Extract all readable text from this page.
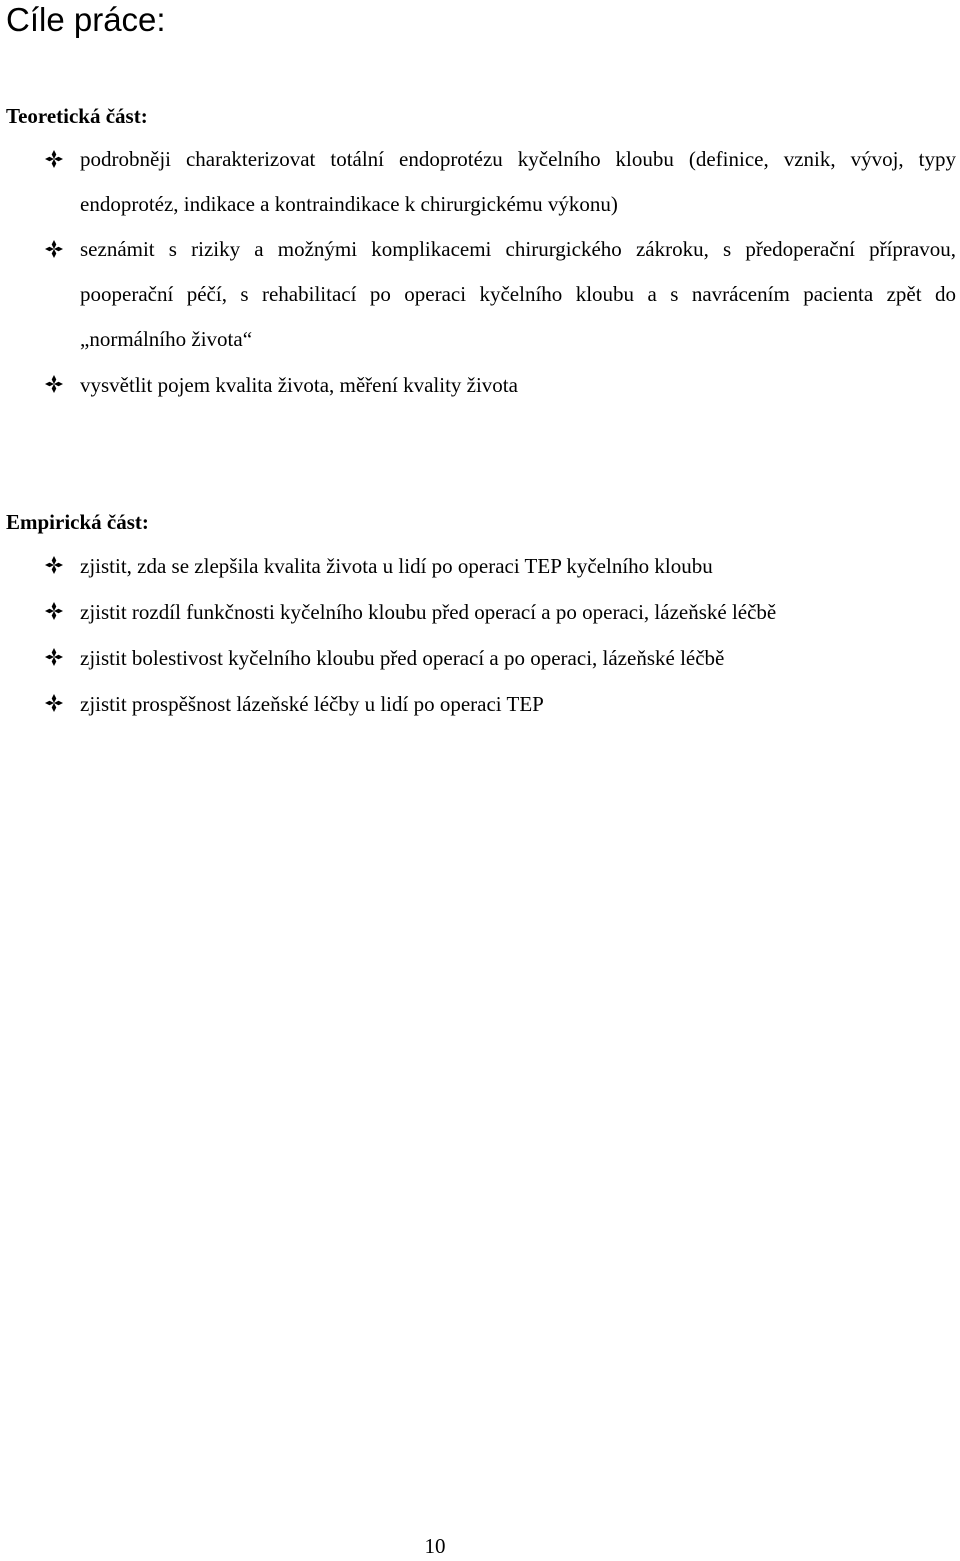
Cíle práce:
Teoretická část:
podrobněji charakterizovat totální endoprotézu kyčelního kloubu (definice, vznik, vývoj, typy endoprotéz, indikace a kontraindikace k chirurgickému výkonu)
seznámit s riziky a možnými komplikacemi chirurgického zákroku, s předoperační přípravou, pooperační péčí, s rehabilitací po operaci kyčelního kloubu a s navrácením pacienta zpět do „normálního života“
vysvětlit pojem kvalita života, měření kvality života
Empirická část:
zjistit, zda se zlepšila kvalita života u lidí po operaci TEP kyčelního kloubu
zjistit rozdíl funkčnosti kyčelního kloubu před operací a po operaci, lázeňské léčbě
zjistit bolestivost kyčelního kloubu před operací a po operaci, lázeňské léčbě
zjistit prospěšnost lázeňské léčby u lidí po operaci TEP
10
